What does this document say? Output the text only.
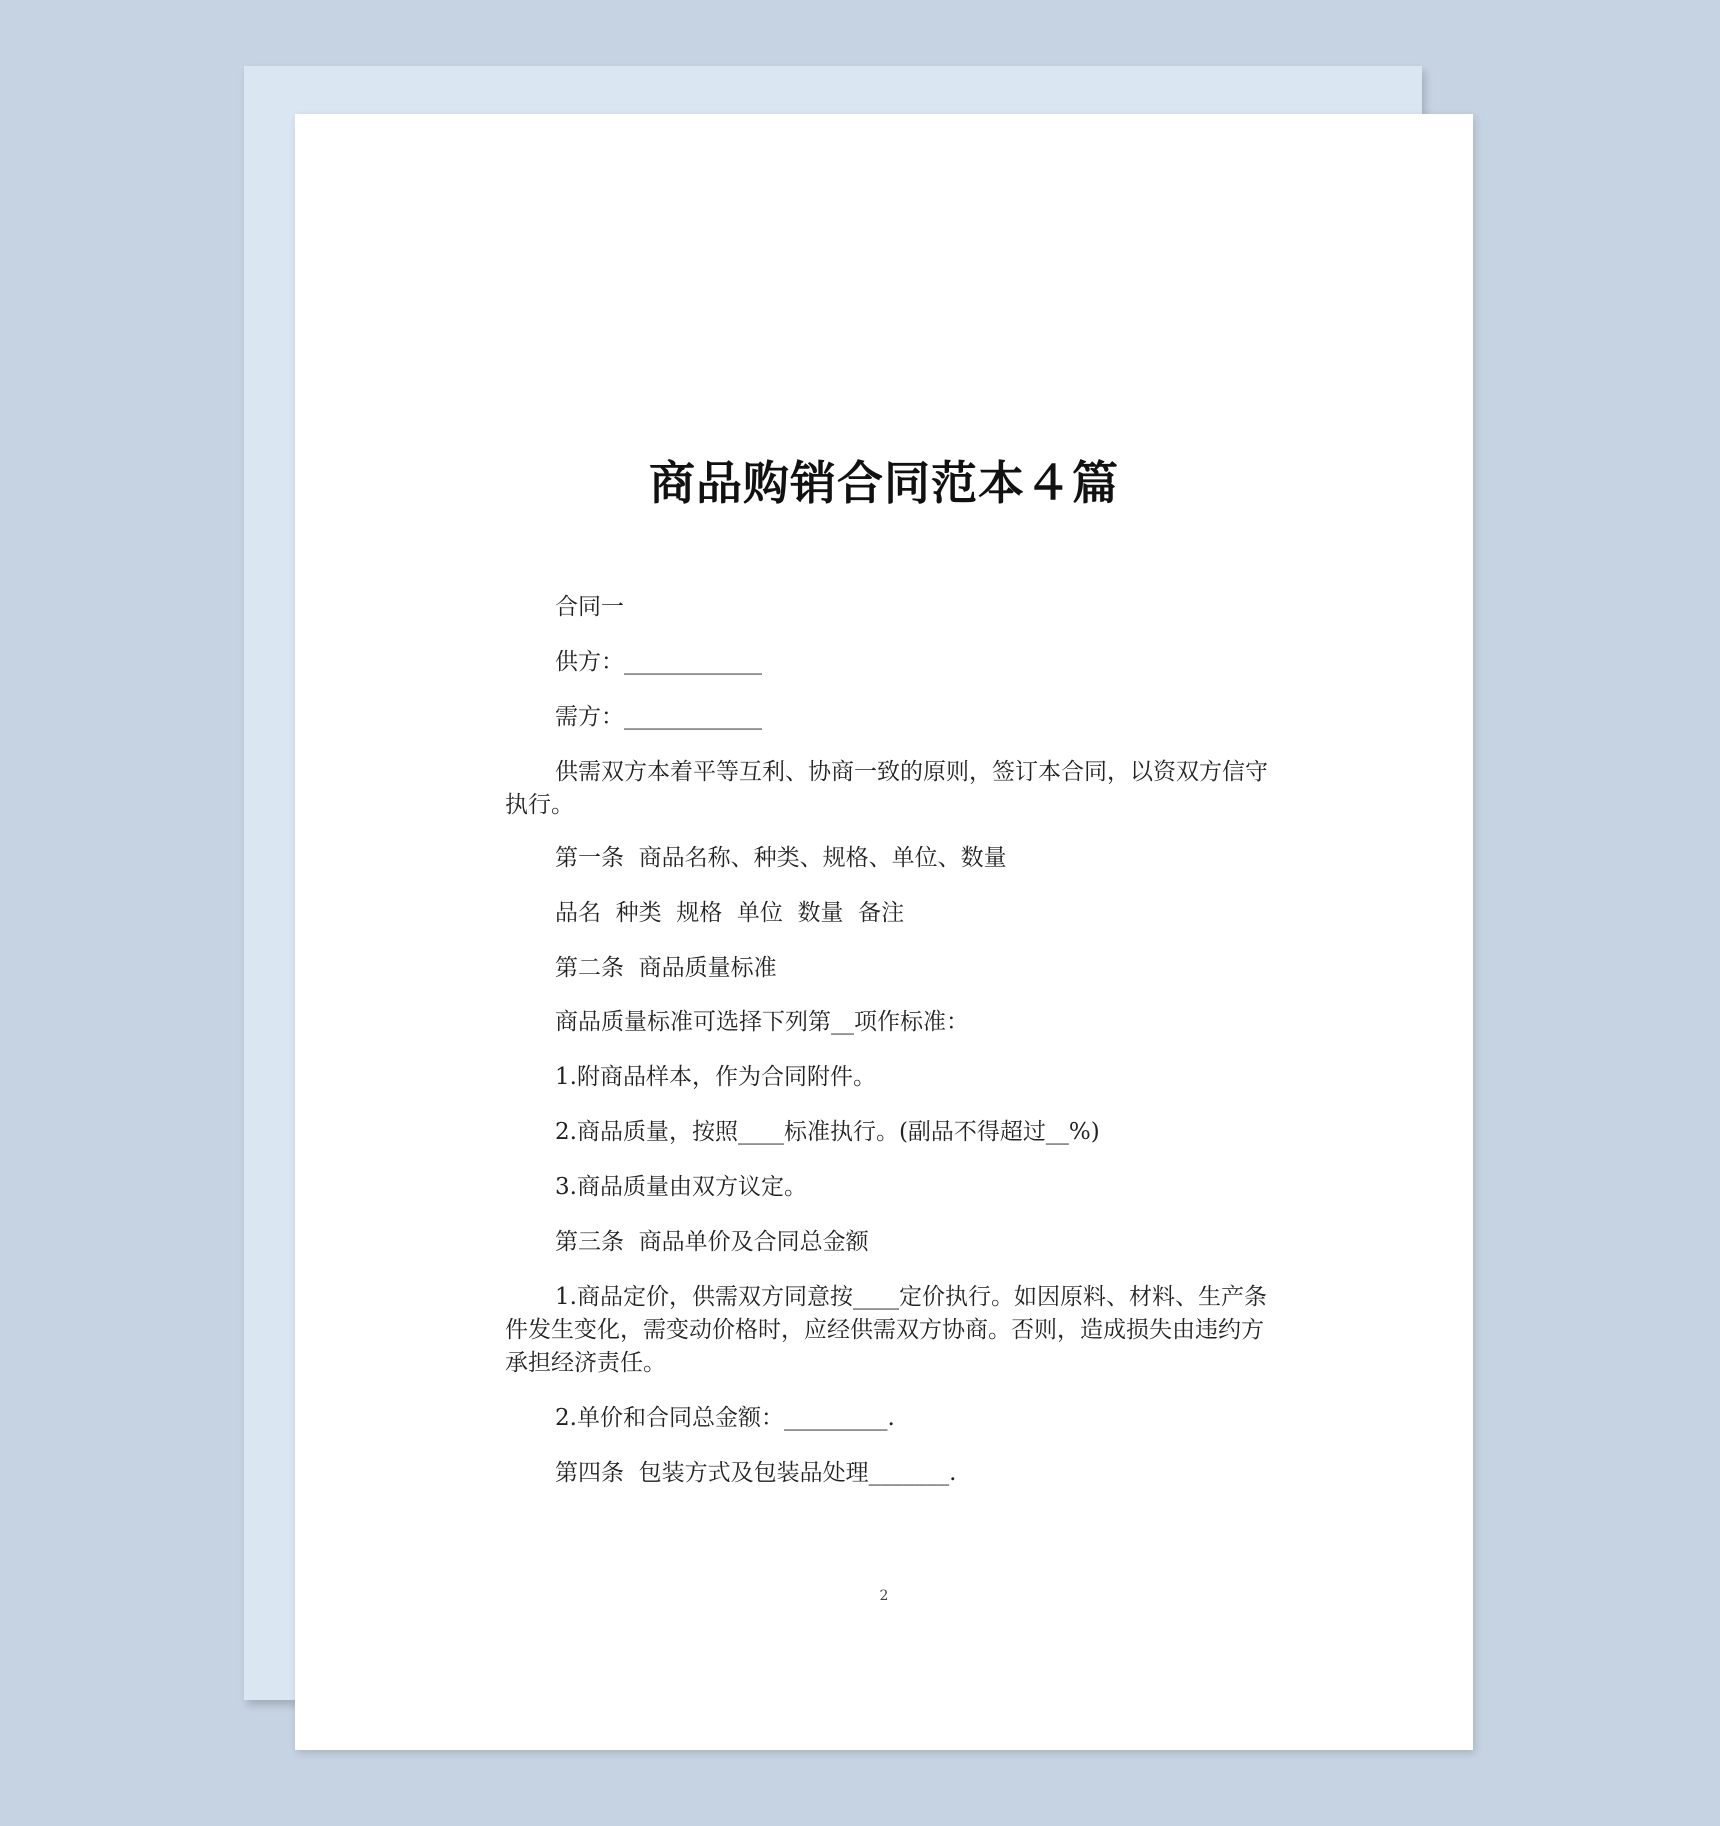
商品购销合同范本４篇

合同一

供方：____________

需方：____________

供需双方本着平等互利、协商一致的原则，签订本合同，以资双方信守执行。

第一条  商品名称、种类、规格、单位、数量

品名  种类  规格  单位  数量  备注

第二条  商品质量标准

商品质量标准可选择下列第__项作标准：

1.附商品样本，作为合同附件。

2.商品质量，按照____标准执行。(副品不得超过__%)

3.商品质量由双方议定。

第三条  商品单价及合同总金额

1.商品定价，供需双方同意按____定价执行。如因原料、材料、生产条件发生变化，需变动价格时，应经供需双方协商。否则，造成损失由违约方承担经济责任。

2.单价和合同总金额：_________.

第四条  包装方式及包装品处理_______.

2
